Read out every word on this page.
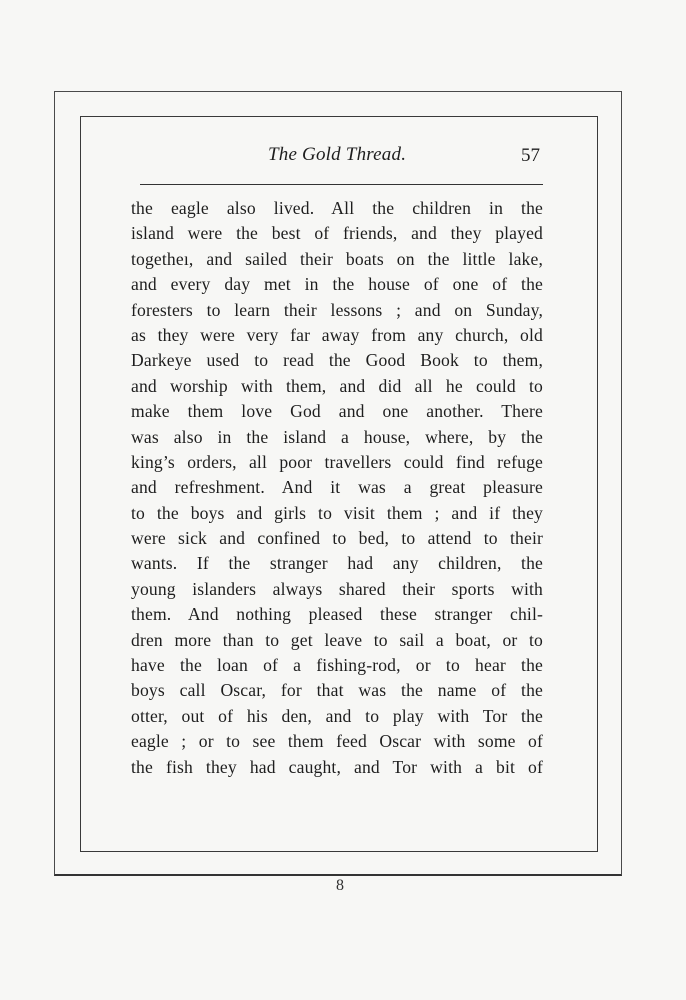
The Gold Thread.	57
the eagle also lived. All the children in the
island were the best of friends, and they played
togetheı, and sailed their boats on the little lake,
and every day met in the house of one of the
foresters to learn their lessons ; and on Sunday,
as they were very far away from any church, old
Darkeye used to read the Good Book to them,
and worship with them, and did all he could to
make them love God and one another. There
was also in the island a house, where, by the
king’s orders, all poor travellers could find refuge
and refreshment. And it was a great pleasure
to the boys and girls to visit them ; and if they
were sick and confined to bed, to attend to their
wants. If the stranger had any children, the
young islanders always shared their sports with
them. And nothing pleased these stranger chil-
dren more than to get leave to sail a boat, or to
have the loan of a fishing-rod, or to hear the
boys call Oscar, for that was the name of the
otter, out of his den, and to play with Tor the
eagle ; or to see them feed Oscar with some of
the fish they had caught, and Tor with a bit of
8
